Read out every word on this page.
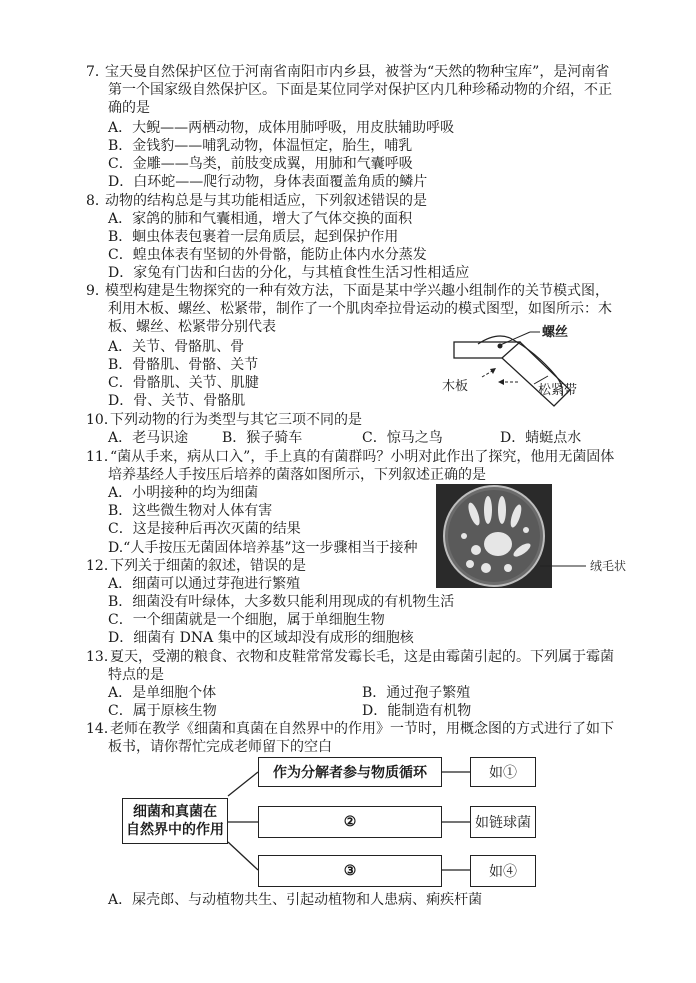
7．
宝天曼自然保护区位于河南省南阳市内乡县，被誉为“天然的物种宝库”，是河南省
第一个国家级自然保护区。下面是某位同学对保护区内几种珍稀动物的介绍，不正
确的是
A．大鲵——两栖动物，成体用肺呼吸，用皮肤辅助呼吸
B．金钱豹——哺乳动物，体温恒定，胎生，哺乳
C．金雕——鸟类，前肢变成翼，用肺和气囊呼吸
D．白环蛇——爬行动物，身体表面覆盖角质的鳞片
8．
动物的结构总是与其功能相适应，下列叙述错误的是
A．家鸽的肺和气囊相通，增大了气体交换的面积
B．蛔虫体表包裹着一层角质层，起到保护作用
C．蝗虫体表有坚韧的外骨骼，能防止体内水分蒸发
D．家兔有门齿和臼齿的分化，与其植食性生活习性相适应
9．
模型构建是生物探究的一种有效方法，下面是某中学兴趣小组制作的关节模式图，
利用木板、螺丝、松紧带，制作了一个肌肉牵拉骨运动的模式图型，如图所示：木
板、螺丝、松紧带分别代表
A．关节、骨骼肌、骨
B．骨骼肌、骨骼、关节
C．骨骼肌、关节、肌腱
D．骨、关节、骨骼肌
螺丝
木板	松紧带
10．
下列动物的行为类型与其它三项不同的是
A．老马识途 B．猴子骑车	C．惊马之鸟	D．蜻蜓点水
11．
“菌从手来，病从口入”，手上真的有菌群吗？小明对此作出了探究，他用无菌固体
培养基经人手按压后培养的菌落如图所示，下列叙述正确的是
A．小明接种的均为细菌
B．这些微生物对人体有害
C．这是接种后再次灭菌的结果
D.“人手按压无菌固体培养基”这一步骤相当于接种
绒毛状
12．
下列关于细菌的叙述，错误的是
A．细菌可以通过芽孢进行繁殖
B．细菌没有叶绿体，大多数只能利用现成的有机物生活
C．一个细菌就是一个细胞，属于单细胞生物
D．细菌有 DNA 集中的区域却没有成形的细胞核
13．
夏天，受潮的粮食、衣物和皮鞋常常发霉长毛，这是由霉菌引起的。下列属于霉菌
特点的是
A．是单细胞个体	B．通过孢子繁殖
C．属于原核生物	D．能制造有机物
14．
老师在教学《细菌和真菌在自然界中的作用》一节时，用概念图的方式进行了如下
板书，请你帮忙完成老师留下的空白
细菌和真菌在
自然界中的作用
作为分解者参与物质循环	如①
②	如链球菌
③	如④
A．屎壳郎、与动植物共生、引起动植物和人患病、痢疾杆菌
